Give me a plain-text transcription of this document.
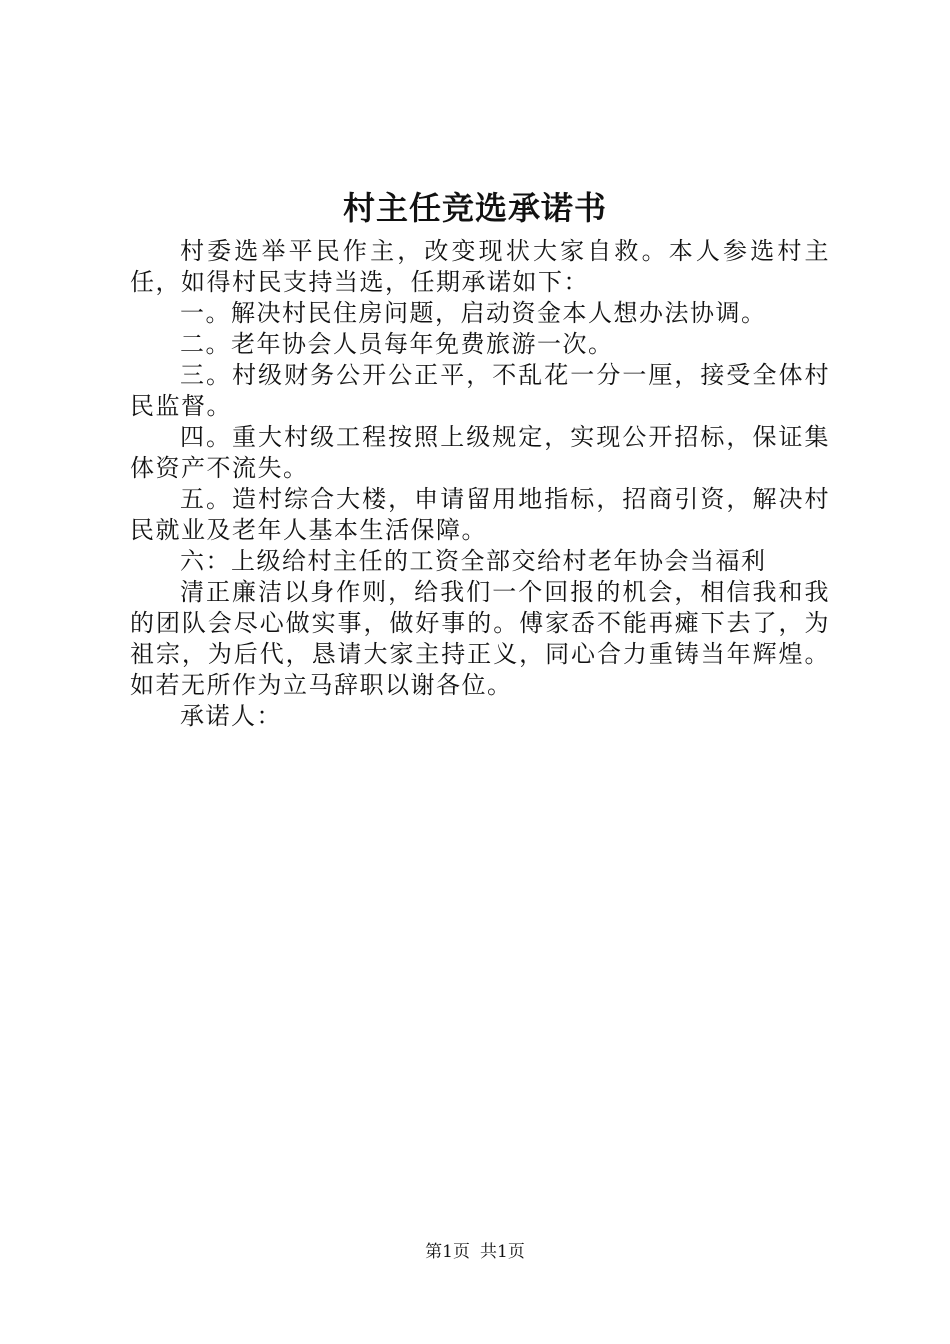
村主任竞选承诺书

村委选举平民作主，改变现状大家自救。本人参选村主任，如得村民支持当选，任期承诺如下：

一。解决村民住房问题，启动资金本人想办法协调。

二。老年协会人员每年免费旅游一次。

三。村级财务公开公正平，不乱花一分一厘，接受全体村民监督。

四。重大村级工程按照上级规定，实现公开招标，保证集体资产不流失。

五。造村综合大楼，申请留用地指标，招商引资，解决村民就业及老年人基本生活保障。

六：上级给村主任的工资全部交给村老年协会当福利

清正廉洁以身作则，给我们一个回报的机会，相信我和我的团队会尽心做实事，做好事的。傅家岙不能再瘫下去了，为祖宗，为后代，恳请大家主持正义，同心合力重铸当年辉煌。如若无所作为立马辞职以谢各位。

承诺人：

第1页 共1页
